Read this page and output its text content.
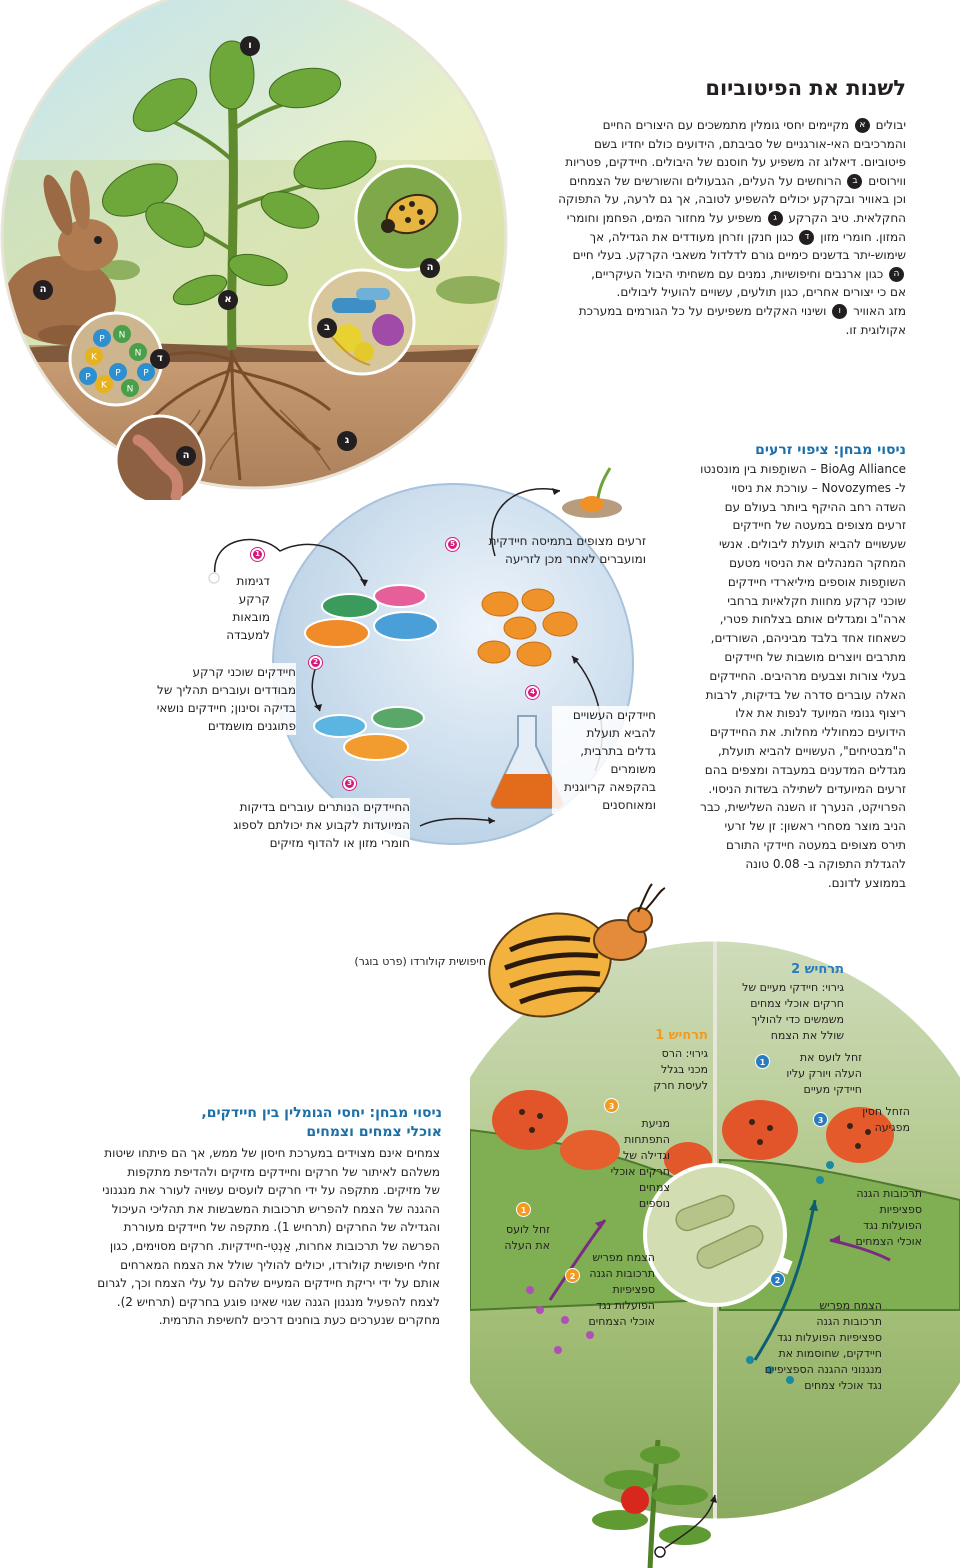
P N
K	N
P
K N
P
P
ו
א
ב
ג
ד
ה
ה
ה
לשנות את הפיטוביום
יבולים א מקיימים יחסי גומלין מתמשכים עם היצורים החיים
והמרכיבים האי-אורגניים של סביבתם, הידועים כולם יחדיו בשם
פיטוביום. דיאלוג זה משפיע על חוסנם של היבולים. חיידקים, פטריות
ווירוסים ב הרוחשים על העלים, הגבעולים והשורשים של הצמחים
וכן באוויר ובקרקע יכולים להשפיע לטובה, אך גם לרעה, על התפוקה
החקלאית. טיב הקרקע ג משפיע על מחזור המים, הפחמן וחומרי
המזון. חומרי מזון ד כגון חנקן וזרחן מעודדים את הגדילה, אך
שימוש-יתר בדשנים כימיים גורם לדלדול משאבי הקרקע. בעלי חיים
ה כגון ארנבים וחיפושיות, נמנים עם משחיתי היבול העיקריים,
אם כי יצורים אחרים, כגון תולעים, עשויים להועיל ליבולים.
מזג האוויר ו ושינוי האקלים משפיעים על כל הגורמים במערכת
אקולוגית זו.
ניסוי מבחן: ציפוי זרעים
BioAg Alliance – השותָפות בין מונסנטו
ל- Novozymes – עורכת את ניסוי
השדה רחב ההיקף ביותר בעולם עם
זרעים מצופים במעטה של חיידקים
שעשויים להביא תועלת ליבולים. אנשי
המחקר המנהלים את הניסוי מטעם
השותָפות אוספים מיליארדי חיידקים
שוכני קרקע מחוות חקלאיות ברחבי
ארה"ב ומגדלים אותם בצלחות פטרי,
כשאחוז אחד בלבד מביניהם, השורדים,
מתרבים ויוצרים מושבות של חיידקים
בעלי צורות וצבעים מרהיבים. החיידקים
האלה עוברים סדרה של בדיקות, לרבות
ריצוף גנומי המיועד לנפות את אלו
הידועים כמחוללי מחלות. את החיידקים
ה"מבטיחים", העשויים להביא תועלת,
מגדלים המדענים במעבדה ומצפים בהם
זרעים המיועדים לשתילה בשדות הניסוי.
הפרויקט, הנערך זו השנה השלישית, כבר
הניב מוצר מסחרי ראשון: זן של זרעי
תירס מצופים במעטה חיידקי התורם
להגדלת התפוקה ב- 0.08 טונה
בממוצע לדונם.
1
דגימות
קרקע
מובאות
למעבדה
2
חיידקים שוכני קרקע
מבודדים ועוברים תהליך של
בדיקה וסינון; חיידקים נושאי
פתוגנים מושמדים
3
החיידקים הנותרים עוברים בדיקות
המיועדות לקבוע את יכולתם לספוג
חומרי מזון או להדוף מזיקים
4
חיידקים העשויים
להביא תועלת
גדלים בתרבית,
משומרים
בהקפאה קריוגנית
ומאוחסנים
5	זרעים מצופים בתמיסה חיידקית
ומועברים לאחר מכן לזריעה
חיפושית קולורדו (פרט בוגר)
תרחיש 1
גירוי: הרס
מכני בגלל
לעיסת חרק
תרחיש 2
גירוי: חיידקי מעיים של
חרקים אוכלי צמחים
משמשים כדי להוליך
שולל את הצמח
1
זחל לועס
את העלה
2
הצמח מפריש
תרכובות הגנה
ספציפיות
הפועלות נגד
אוכלי הצמחים
3
מניעת
התפתחות
וגדילה של
חרקים אוכלי
צמחים
נוספים
1	זחל לועס את
העלה ויורק עליו
חיידקי מעיים
3
הזחל חסין
מפגיעה
תרכובות הגנה
ספציפיות
הפועלות נגד
אוכלי הצמחים
2
הצמח מפריש
תרכובות הגנה
ספציפיות הפועלות נגד
חיידקים, שחוסמות את
מנגנוני ההגנה הספציפיים
נגד אוכלי צמחים
ניסוי מבחן: יחסי הגומלין בין חיידקים,
אוכלי צמחים וצמחים
צמחים אינם מצוידים במערכת חיסון של ממש, אך הם פיתחו שיטות
משלהם לאיתור של חרקים וחיידקים מזיקים ולהדיפת מתקפות
של מזיקים. מתקפה על ידי חרקים לועסים עשויה לעורר את מנגנוני
ההגנה של הצמח להפריש תרכובות המשבשות את תהליכי העיכול
והגדילה של החרקים (תרחיש 1). מתקפה של חיידקים מעוררת
הפרשה של תרכובות אחרות, אַנְטִי-חיידקיות. חרקים מסוימים, כגון
זחלי חיפושית קולורדו, יכולים להוליך שולל את הצמח המארחים
אותם על ידי יריקת חיידקים המעיים שלהם על עלי הצמח וכך, לגרום
לצמח להפעיל מנגנון הגנה שגוי שאינו פוגע בחרקים (תרחיש 2).
מחקרים שנערכים כעת בוחנים דרכים לחשיפת התרמית.
